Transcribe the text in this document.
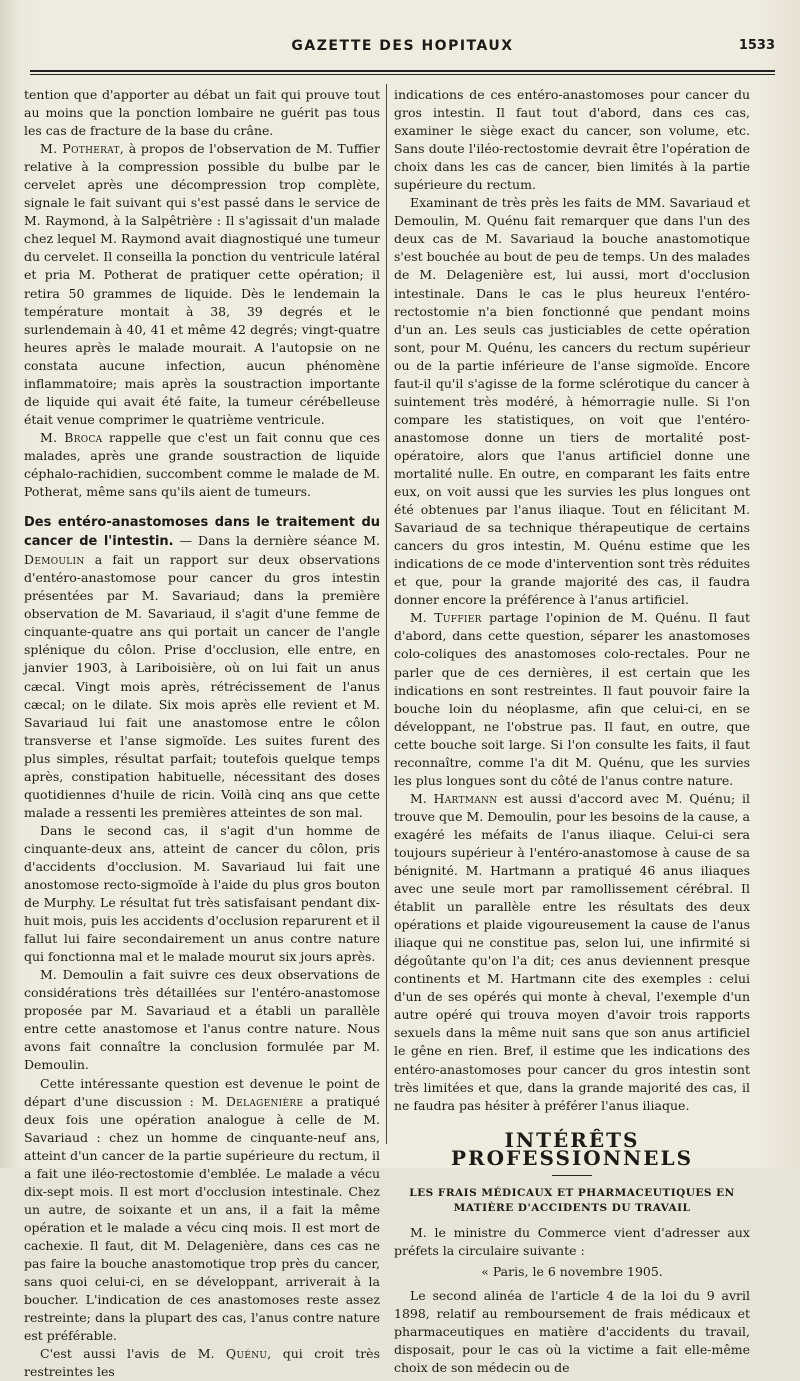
GAZETTE DES HOPITAUX	1533

tention que d'apporter au débat un fait qui prouve tout au moins que la ponction lombaire ne guérit pas tous les cas de fracture de la base du crâne.

M. Potherat, à propos de l'observation de M. Tuffier relative à la compression possible du bulbe par le cervelet après une décompression trop complète, signale le fait suivant qui s'est passé dans le service de M. Raymond, à la Salpêtrière : Il s'agissait d'un malade chez lequel M. Raymond avait diagnostiqué une tumeur du cervelet. Il conseilla la ponction du ventricule latéral et pria M. Potherat de pratiquer cette opération; il retira 50 grammes de liquide. Dès le lendemain la température montait à 38, 39 degrés et le surlendemain à 40, 41 et même 42 degrés; vingt-quatre heures après le malade mourait. A l'autopsie on ne constata aucune infection, aucun phénomène inflammatoire; mais après la soustraction importante de liquide qui avait été faite, la tumeur cérébelleuse était venue comprimer le quatrième ventricule.

M. Broca rappelle que c'est un fait connu que ces malades, après une grande soustraction de liquide céphalo-rachidien, succombent comme le malade de M. Potherat, même sans qu'ils aient de tumeurs.

Des entéro-anastomoses dans le traitement du cancer de l'intestin. — Dans la dernière séance M. Demoulin a fait un rapport sur deux observations d'entéro-anastomose pour cancer du gros intestin présentées par M. Savariaud; dans la première observation de M. Savariaud, il s'agit d'une femme de cinquante-quatre ans qui portait un cancer de l'angle splénique du côlon. Prise d'occlusion, elle entre, en janvier 1903, à Lariboisière, où on lui fait un anus cæcal. Vingt mois après, rétrécissement de l'anus cæcal; on le dilate. Six mois après elle revient et M. Savariaud lui fait une anastomose entre le côlon transverse et l'anse sigmoïde. Les suites furent des plus simples, résultat parfait; toutefois quelque temps après, constipation habituelle, nécessitant des doses quotidiennes d'huile de ricin. Voilà cinq ans que cette malade a ressenti les premières atteintes de son mal.

Dans le second cas, il s'agit d'un homme de cinquante-deux ans, atteint de cancer du côlon, pris d'accidents d'occlusion. M. Savariaud lui fait une anostomose recto-sigmoïde à l'aide du plus gros bouton de Murphy. Le résultat fut très satisfaisant pendant dix-huit mois, puis les accidents d'occlusion reparurent et il fallut lui faire secondairement un anus contre nature qui fonctionna mal et le malade mourut six jours après.

M. Demoulin a fait suivre ces deux observations de considérations très détaillées sur l'entéro-anastomose proposée par M. Savariaud et a établi un parallèle entre cette anastomose et l'anus contre nature. Nous avons fait connaître la conclusion formulée par M. Demoulin.

Cette intéressante question est devenue le point de départ d'une discussion : M. Delagenière a pratiqué deux fois une opération analogue à celle de M. Savariaud : chez un homme de cinquante-neuf ans, atteint d'un cancer de la partie supérieure du rectum, il a fait une iléo-rectostomie d'emblée. Le malade a vécu dix-sept mois. Il est mort d'occlusion intestinale. Chez un autre, de soixante et un ans, il a fait la même opération et le malade a vécu cinq mois. Il est mort de cachexie. Il faut, dit M. Delagenière, dans ces cas ne pas faire la bouche anastomotique trop près du cancer, sans quoi celui-ci, en se développant, arriverait à la boucher. L'indication de ces anastomoses reste assez restreinte; dans la plupart des cas, l'anus contre nature est préférable.

C'est aussi l'avis de M. Quénu, qui croit très restreintes les

indications de ces entéro-anastomoses pour cancer du gros intestin. Il faut tout d'abord, dans ces cas, examiner le siège exact du cancer, son volume, etc. Sans doute l'iléo-rectostomie devrait être l'opération de choix dans les cas de cancer, bien limités à la partie supérieure du rectum.

Examinant de très près les faits de MM. Savariaud et Demoulin, M. Quénu fait remarquer que dans l'un des deux cas de M. Savariaud la bouche anastomotique s'est bouchée au bout de peu de temps. Un des malades de M. Delagenière est, lui aussi, mort d'occlusion intestinale. Dans le cas le plus heureux l'entéro-rectostomie n'a bien fonctionné que pendant moins d'un an. Les seuls cas justiciables de cette opération sont, pour M. Quénu, les cancers du rectum supérieur ou de la partie inférieure de l'anse sigmoïde. Encore faut-il qu'il s'agisse de la forme sclérotique du cancer à suintement très modéré, à hémorragie nulle. Si l'on compare les statistiques, on voit que l'entéro-anastomose donne un tiers de mortalité post-opératoire, alors que l'anus artificiel donne une mortalité nulle. En outre, en comparant les faits entre eux, on voit aussi que les survies les plus longues ont été obtenues par l'anus iliaque. Tout en félicitant M. Savariaud de sa technique thérapeutique de certains cancers du gros intestin, M. Quénu estime que les indications de ce mode d'intervention sont très réduites et que, pour la grande majorité des cas, il faudra donner encore la préférence à l'anus artificiel.

M. Tuffier partage l'opinion de M. Quénu. Il faut d'abord, dans cette question, séparer les anastomoses colo-coliques des anastomoses colo-rectales. Pour ne parler que de ces dernières, il est certain que les indications en sont restreintes. Il faut pouvoir faire la bouche loin du néoplasme, afin que celui-ci, en se développant, ne l'obstrue pas. Il faut, en outre, que cette bouche soit large. Si l'on consulte les faits, il faut reconnaître, comme l'a dit M. Quénu, que les survies les plus longues sont du côté de l'anus contre nature.

M. Hartmann est aussi d'accord avec M. Quénu; il trouve que M. Demoulin, pour les besoins de la cause, a exagéré les méfaits de l'anus iliaque. Celui-ci sera toujours supérieur à l'entéro-anastomose à cause de sa bénignité. M. Hartmann a pratiqué 46 anus iliaques avec une seule mort par ramollissement cérébral. Il établit un parallèle entre les résultats des deux opérations et plaide vigoureusement la cause de l'anus iliaque qui ne constitue pas, selon lui, une infirmité si dégoûtante qu'on l'a dit; ces anus deviennent presque continents et M. Hartmann cite des exemples : celui d'un de ses opérés qui monte à cheval, l'exemple d'un autre opéré qui trouva moyen d'avoir trois rapports sexuels dans la même nuit sans que son anus artificiel le gêne en rien. Bref, il estime que les indications des entéro-anastomoses pour cancer du gros intestin sont très limitées et que, dans la grande majorité des cas, il ne faudra pas hésiter à préférer l'anus iliaque.

INTÉRÊTS PROFESSIONNELS
LES FRAIS MÉDICAUX ET PHARMACEUTIQUES EN MATIÈRE D'ACCIDENTS DU TRAVAIL

M. le ministre du Commerce vient d'adresser aux préfets la circulaire suivante :

« Paris, le 6 novembre 1905.

Le second alinéa de l'article 4 de la loi du 9 avril 1898, relatif au remboursement de frais médicaux et pharmaceutiques en matière d'accidents du travail, disposait, pour le cas où la victime a fait elle-même choix de son médecin ou de
